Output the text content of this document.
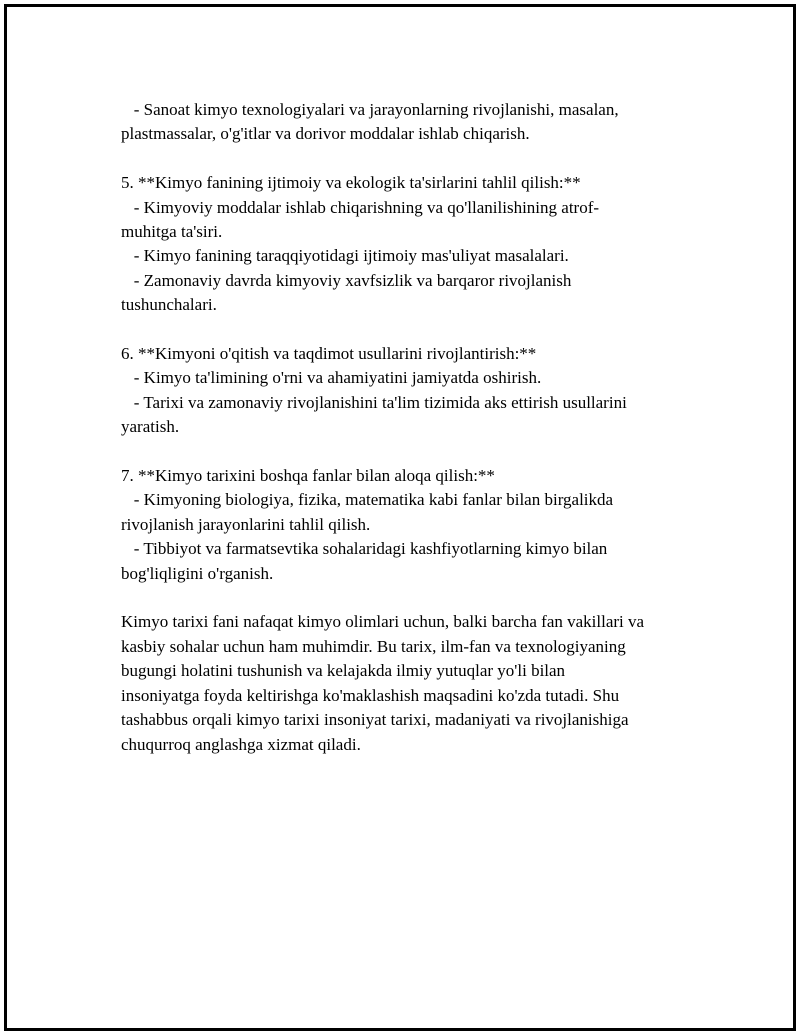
- Sanoat kimyo texnologiyalari va jarayonlarning rivojlanishi, masalan,

plastmassalar, o'g'itlar va dorivor moddalar ishlab chiqarish.

5. **Kimyo fanining ijtimoiy va ekologik ta'sirlarini tahlil qilish:**

- Kimyoviy moddalar ishlab chiqarishning va qo'llanilishining atrof-

muhitga ta'siri.

- Kimyo fanining taraqqiyotidagi ijtimoiy mas'uliyat masalalari.

- Zamonaviy davrda kimyoviy xavfsizlik va barqaror rivojlanish

tushunchalari.

6. **Kimyoni o'qitish va taqdimot usullarini rivojlantirish:**

- Kimyo ta'limining o'rni va ahamiyatini jamiyatda oshirish.

- Tarixi va zamonaviy rivojlanishini ta'lim tizimida aks ettirish usullarini

yaratish.

7. **Kimyo tarixini boshqa fanlar bilan aloqa qilish:**

- Kimyoning biologiya, fizika, matematika kabi fanlar bilan birgalikda

rivojlanish jarayonlarini tahlil qilish.

- Tibbiyot va farmatsevtika sohalaridagi kashfiyotlarning kimyo bilan

bog'liqligini o'rganish.

Kimyo tarixi fani nafaqat kimyo olimlari uchun, balki barcha fan vakillari va

kasbiy sohalar uchun ham muhimdir. Bu tarix, ilm-fan va texnologiyaning

bugungi holatini tushunish va kelajakda ilmiy yutuqlar yo'li bilan

insoniyatga foyda keltirishga ko'maklashish maqsadini ko'zda tutadi. Shu

tashabbus orqali kimyo tarixi insoniyat tarixi, madaniyati va rivojlanishiga

chuqurroq anglashga xizmat qiladi.
